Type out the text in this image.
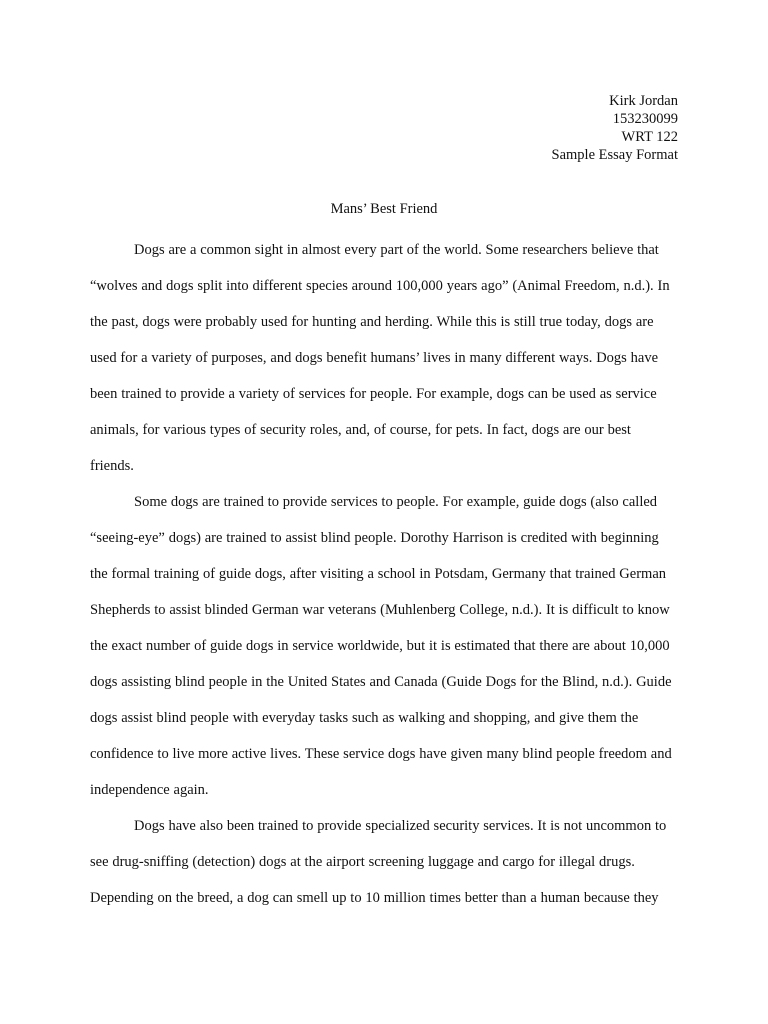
Kirk Jordan
153230099
WRT 122
Sample Essay Format
Mans’ Best Friend

Dogs are a common sight in almost every part of the world. Some researchers believe that “wolves and dogs split into different species around 100,000 years ago” (Animal Freedom, n.d.). In the past, dogs were probably used for hunting and herding. While this is still true today, dogs are used for a variety of purposes, and dogs benefit humans’ lives in many different ways. Dogs have been trained to provide a variety of services for people. For example, dogs can be used as service animals, for various types of security roles, and, of course, for pets. In fact, dogs are our best friends.

Some dogs are trained to provide services to people. For example, guide dogs (also called “seeing-eye” dogs) are trained to assist blind people. Dorothy Harrison is credited with beginning the formal training of guide dogs, after visiting a school in Potsdam, Germany that trained German Shepherds to assist blinded German war veterans (Muhlenberg College, n.d.). It is difficult to know the exact number of guide dogs in service worldwide, but it is estimated that there are about 10,000 dogs assisting blind people in the United States and Canada (Guide Dogs for the Blind, n.d.). Guide dogs assist blind people with everyday tasks such as walking and shopping, and give them the confidence to live more active lives. These service dogs have given many blind people freedom and independence again.

Dogs have also been trained to provide specialized security services. It is not uncommon to see drug-sniffing (detection) dogs at the airport screening luggage and cargo for illegal drugs. Depending on the breed, a dog can smell up to 10 million times better than a human because they
